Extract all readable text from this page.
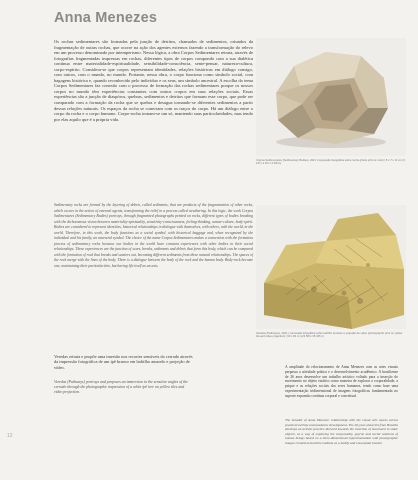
Anna Menezes

Os rochas sedimentares são formadas pela junção de detritos, chamados de sedimentos, oriundos da fragmentação de outras rochas, que ocorre na ação dos agentes externos fazendo a transformação do relevo em um processo denominado por intemperismo. Nessa lógica, a obra Corpos Sedimentares retrata, através de fotografias fragmentadas impressas em rochas, diferentes tipos de corpos compondo com a sua dialética contínua entre materialidade-espiritualidade, sensibilidade-consciência, sente-pensar, natureza-cultura, corpo-espírito. Considera-se que corpos representam identidades, relações históricas em diálogo consigo, com outros, com o mundo, no mundo. Portanto, nessa obra, o corpo funciona como símbolo social, com bagagens histórica e, quando reconhecido pelo indivíduo e os seus, um símbolo ancestral. A escolha do tema Corpos Sedimentares faz conexão com o processo de formação das rochas sedimentares porque os nossos corpos no mundo têm experiências constantes com outros corpos em suas relações sociais. Essas experiências são a junção de diaspóros, quebras, sedimentos e detritos que formam esse corpo, que pode ser comparado com a formação da rocha que se quebra e desagua tornando-se diferentes sedimentos a partir dessas relações naturais. Os espaços da rocha se conectam com os traços do corpo. Há um diálogo entre o corpo da rocha e o corpo humano. Corpo-rocha tornam-se um só, mantendo suas particularidades, mas tendo por elas aquilo que é a própria vida.

Sedimentary rocks are formed by the layering of debris, called sediments, that are products of the fragmentation of other rocks, which occurs in the action of external agents, transforming the relief in a process called weathering. In this logic, the work Corpos Sedimentares (Sedimentary Bodies) portrays, through fragmented photographs printed on rocks, different types of bodies breaking with the dichotomous vision between materiality-spirituality, sensitivity-consciousness, feeling-thinking, nature-culture, body-spirit. Bodies are considered to represent identities, historical relationships in dialogue with themselves, with others, with the world, in the world. Therefore, in this work, the body functions as a social symbol, with historical baggage and, when recognized by the individual and his family, an ancestral symbol. The choice of the name Corpos Sedimentares makes a connection with the formation process of sedimentary rocks because our bodies in the world have constant experiences with other bodies in their social relationships. These experiences are the junction of scars, breaks, sediments and debris that form this body, which can be compared with the formation of rock that breaks and scatters out, becoming different sediments from these natural relationships. The spaces of the rock merge with the lines of the body. There is a dialogue between the body of the rock and the human body. Body-rock become one, maintaining their particularities, but having life itself as an axis.

Veredas retrata e propõe uma imersão nos recortes sensíveis do cerrado através da impressão fotográfica de um ipê branco em ladrilho amarelo e projeção de vídeo.

Veredas (Pathways) portrays and proposes an immersion in the sensitive angles of the cerrado through the photographic impression of a white ipê tree on yellow tiles and video projection.

A amplitude do relacionamento de Anna Menezes com as artes visuais perpassa a atividade prática e o desenvolvimento acadêmico. A brasiliense de 26 anos desenvolve um trabalho artístico voltado para a inserção do movimento no objeto estático como maneira de explorar a corporalidade, a psique e as relações sociais dos seres humanos, tendo como base uma experimentação tridimensional de imagens fotográficas fundamentada no suporte expansão contínua corporal e conceitual.

The breadth of Anna Menezes' relationship with the visual arts moves across practical activity and academic development. The 26-year-old artist from Brasília develops an artistic practice directed towards the insertion of movement in static objects, as a way of exploring the corporeality, psyche and social relations of human beings based on a three-dimensional experimentation with photographic images created around the medium as a bodily and conceptual tracker.

Corpos Sedimentares (Sedimentary Bodies), 2021 | impressão fotográfica sobre rocha (photo print on rock) | 8 x 7 x 11 cm (3 1/8 x 2 3/4 x 4 3/8 in)

Veredas (Pathways), 2021 | impressão fotográfica sobre ladrilho amarelo e projeção de vídeo (photographic print on yellow tile and video projection) | 60 x 90 cm (23 5/8 x 35 3/8 in)

12
